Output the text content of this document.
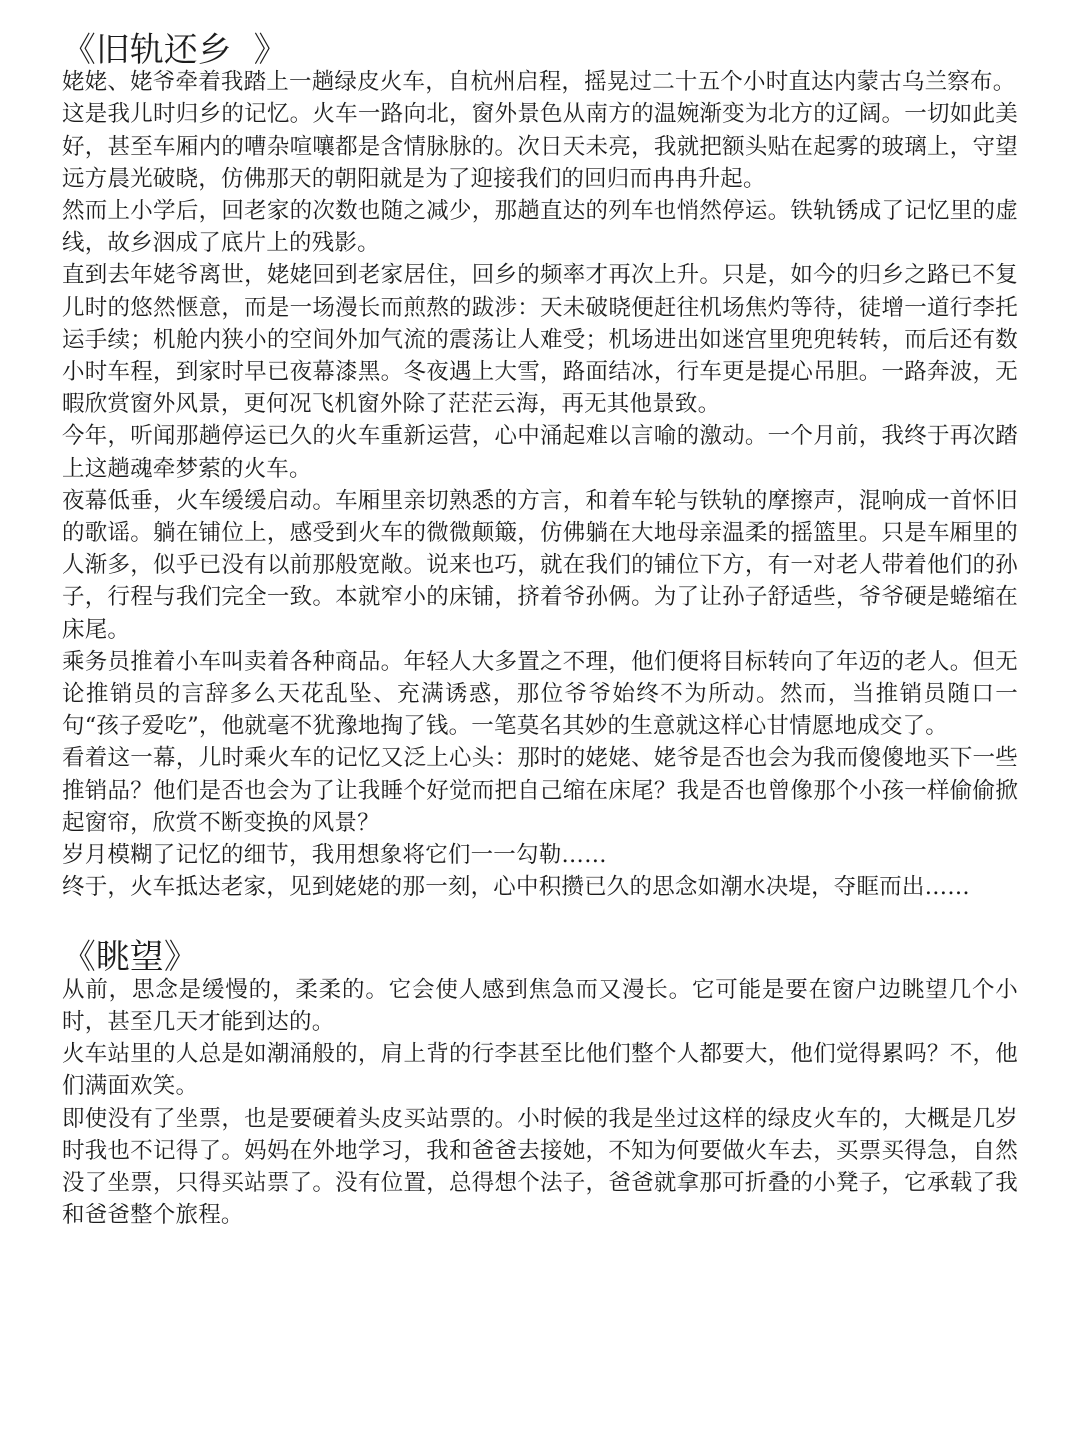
《旧轨还乡  》

姥姥、姥爷牵着我踏上一趟绿皮火车，自杭州启程，摇晃过二十五个小时直达内蒙古乌兰察布。

这是我儿时归乡的记忆。火车一路向北，窗外景色从南方的温婉渐变为北方的辽阔。一切如此美好，甚至车厢内的嘈杂喧嚷都是含情脉脉的。次日天未亮，我就把额头贴在起雾的玻璃上，守望远方晨光破晓，仿佛那天的朝阳就是为了迎接我们的回归而冉冉升起。

然而上小学后，回老家的次数也随之减少，那趟直达的列车也悄然停运。铁轨锈成了记忆里的虚线，故乡洇成了底片上的残影。

直到去年姥爷离世，姥姥回到老家居住，回乡的频率才再次上升。只是，如今的归乡之路已不复儿时的悠然惬意，而是一场漫长而煎熬的跋涉：天未破晓便赶往机场焦灼等待，徒增一道行李托运手续；机舱内狭小的空间外加气流的震荡让人难受；机场进出如迷宫里兜兜转转，而后还有数小时车程，到家时早已夜幕漆黑。冬夜遇上大雪，路面结冰，行车更是提心吊胆。一路奔波，无暇欣赏窗外风景，更何况飞机窗外除了茫茫云海，再无其他景致。

今年，听闻那趟停运已久的火车重新运营，心中涌起难以言喻的激动。一个月前，我终于再次踏上这趟魂牵梦萦的火车。

夜幕低垂，火车缓缓启动。车厢里亲切熟悉的方言，和着车轮与铁轨的摩擦声，混响成一首怀旧的歌谣。躺在铺位上，感受到火车的微微颠簸，仿佛躺在大地母亲温柔的摇篮里。只是车厢里的人渐多，似乎已没有以前那般宽敞。说来也巧，就在我们的铺位下方，有一对老人带着他们的孙子，行程与我们完全一致。本就窄小的床铺，挤着爷孙俩。为了让孙子舒适些，爷爷硬是蜷缩在床尾。

乘务员推着小车叫卖着各种商品。年轻人大多置之不理，他们便将目标转向了年迈的老人。但无论推销员的言辞多么天花乱坠、充满诱惑，那位爷爷始终不为所动。然而，当推销员随口一句“孩子爱吃”，他就毫不犹豫地掏了钱。一笔莫名其妙的生意就这样心甘情愿地成交了。

看着这一幕，儿时乘火车的记忆又泛上心头：那时的姥姥、姥爷是否也会为我而傻傻地买下一些推销品？他们是否也会为了让我睡个好觉而把自己缩在床尾？我是否也曾像那个小孩一样偷偷掀起窗帘，欣赏不断变换的风景？

岁月模糊了记忆的细节，我用想象将它们一一勾勒……

终于，火车抵达老家，见到姥姥的那一刻，心中积攒已久的思念如潮水决堤，夺眶而出……

《眺望》

从前，思念是缓慢的，柔柔的。它会使人感到焦急而又漫长。它可能是要在窗户边眺望几个小时，甚至几天才能到达的。

火车站里的人总是如潮涌般的，肩上背的行李甚至比他们整个人都要大，他们觉得累吗？不，他们满面欢笑。

即使没有了坐票，也是要硬着头皮买站票的。小时候的我是坐过这样的绿皮火车的，大概是几岁时我也不记得了。妈妈在外地学习，我和爸爸去接她，不知为何要做火车去，买票买得急，自然没了坐票，只得买站票了。没有位置，总得想个法子，爸爸就拿那可折叠的小凳子，它承载了我和爸爸整个旅程。
